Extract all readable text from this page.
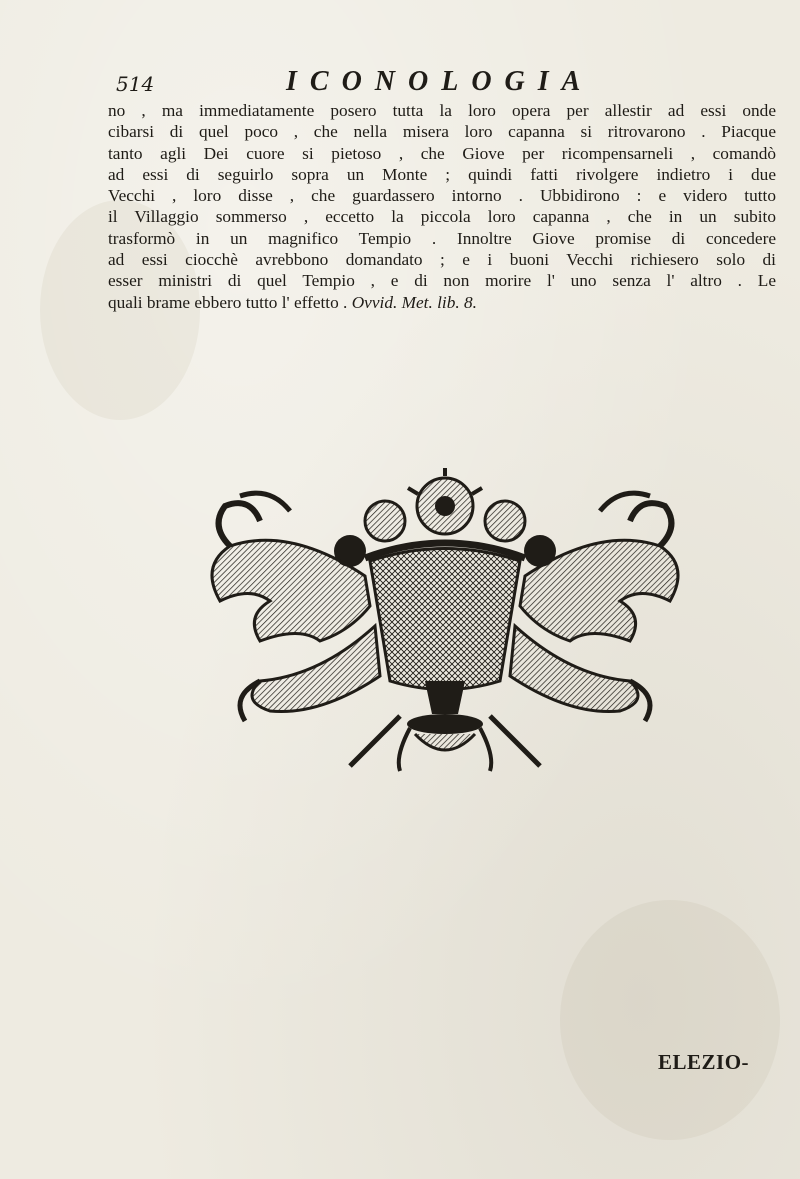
514	ICONOLOGIA
no , ma immediatamente posero tutta la loro opera per allestir ad essi onde
cibarsi di quel poco , che nella misera loro capanna si ritrovarono . Piacque
tanto agli Dei cuore si pietoso , che Giove per ricompensarneli , comandò
ad essi di seguirlo sopra un Monte ; quindi fatti rivolgere indietro i due
Vecchi , loro disse , che guardassero intorno . Ubbidirono : e videro tutto
il Villaggio sommerso , eccetto la piccola loro capanna , che in un subito
trasformò in un magnifico Tempio . Innoltre Giove promise di concedere
ad essi ciocchè avrebbono domandato ; e i buoni Vecchi richiesero solo di
esser ministri di quel Tempio , e di non morire l' uno senza l' altro . Le
quali brame ebbero tutto l' effetto . Ovvid. Met. lib. 8.
ELEZIO-
